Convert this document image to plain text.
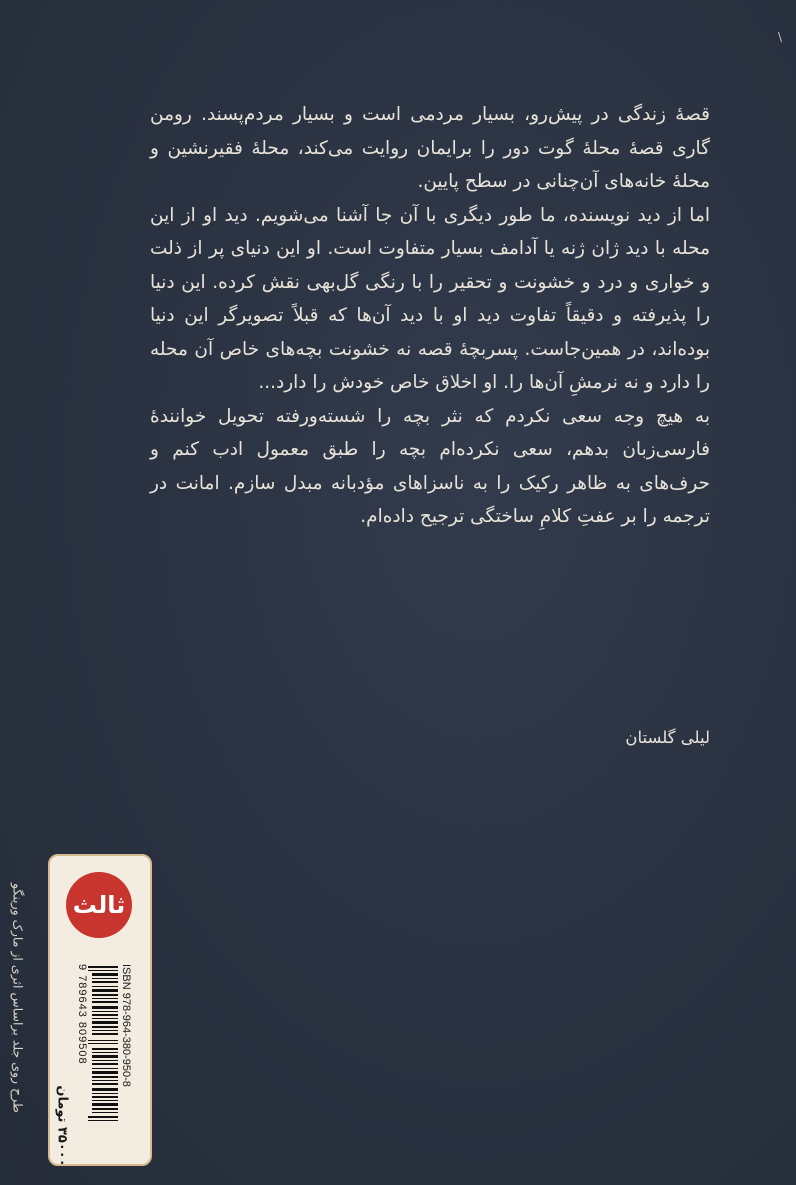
\

قصهٔ زندگی در پیش‌رو، بسیار مردمی است و بسیار مردم‌پسند. رومن گاری قصهٔ محلهٔ گوت دور را برایمان روایت می‌کند، محلهٔ فقیرنشین و محلهٔ خانه‌های آن‌چنانی در سطح پایین.

اما از دید نویسنده، ما طور دیگری با آن جا آشنا می‌شویم. دید او از این محله با دید ژان ژنه یا آدامف بسیار متفاوت است. او این دنیای پر از ذلت و خواری و درد و خشونت و تحقیر را با رنگی گل‌بهی نقش کرده. این دنیا را پذیرفته و دقیقاً تفاوت دید او با دید آن‌ها که قبلاً تصویرگر این دنیا بوده‌اند، در همین‌جاست. پسربچهٔ قصه نه خشونت بچه‌های خاص آن محله را دارد و نه نرمشِ آن‌ها را. او اخلاق خاص خودش را دارد...

به هیچ وجه سعی نکردم که نثر بچه را شسته‌ورفته تحویل خوانندهٔ فارسی‌زبان بدهم، سعی نکرده‌ام بچه را طبق معمول ادب کنم و حرف‌های به ظاهر رکیک را به ناسزاهای مؤدبانه مبدل سازم. امانت در ترجمه را بر عفتِ کلامِ ساختگی ترجیح داده‌ام.

لیلی گلستان
طرح روی جلد براساس اثری از مارک ورینگو ثالث
ISBN 978-964-380-950-8
9 789643 809508
۳۵۰۰۰ تومان
